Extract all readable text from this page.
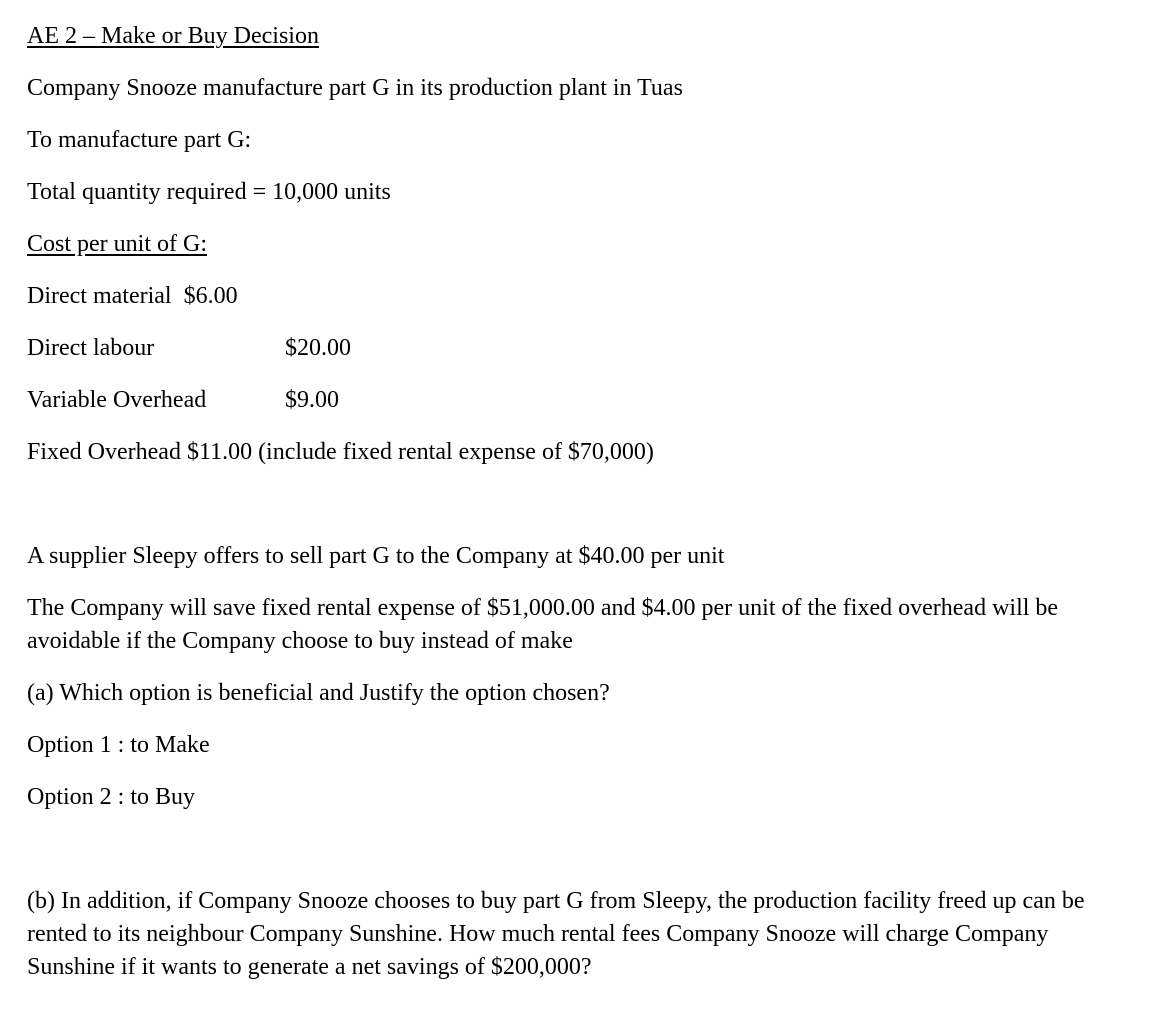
AE 2 – Make or Buy Decision
Company Snooze manufacture part G in its production plant in Tuas
To manufacture part G:
Total quantity required = 10,000 units
Cost per unit of G:
Direct material $6.00
Direct labour	$20.00
Variable Overhead	$9.00
Fixed Overhead $11.00 (include fixed rental expense of $70,000)
A supplier Sleepy offers to sell part G to the Company at $40.00 per unit
The Company will save fixed rental expense of $51,000.00 and $4.00 per unit of the fixed overhead will be avoidable if the Company choose to buy instead of make
(a) Which option is beneficial and Justify the option chosen?
Option 1 : to Make
Option 2 : to Buy
(b) In addition, if Company Snooze chooses to buy part G from Sleepy, the production facility freed up can be rented to its neighbour Company Sunshine. How much rental fees Company Snooze will charge Company Sunshine if it wants to generate a net savings of $200,000?
